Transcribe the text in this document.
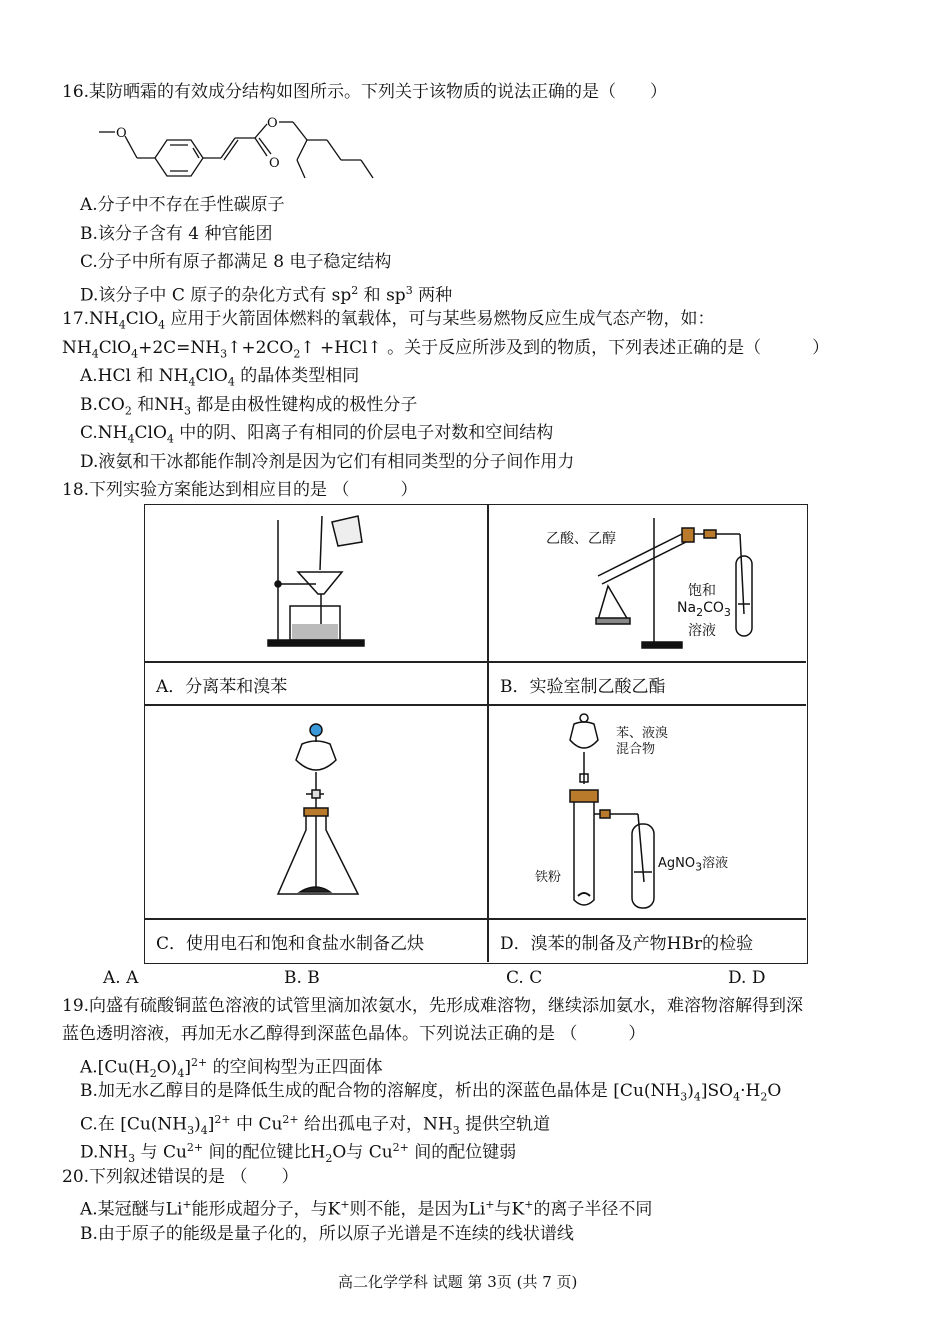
16.某防晒霜的有效成分结构如图所示。下列关于该物质的说法正确的是（　　）
O
O
O
A.分子中不存在手性碳原子
B.该分子含有 4 种官能团
C.分子中所有原子都满足 8 电子稳定结构
D.该分子中 C 原子的杂化方式有 $sp^2$ 和 $sp^3$ 两种
$17.NH_4ClO_4$ 应用于火箭固体燃料的氧载体，可与某些易燃物反应生成气态产物，如：
$NH_4ClO_4+2C=NH_3↑+2CO_2↑$ +HCl↑ 。关于反应所涉及到的物质，下列表述正确的是（　　　）
A.HCl 和 $NH_4ClO_4$ 的晶体类型相同
$B.CO_2$ 和$NH_3$ 都是由极性键构成的极性分子
$C.NH_4ClO_4$ 中的阴、阳离子有相同的价层电子对数和空间结构
D.液氨和干冰都能作制冷剂是因为它们有相同类型的分子间作用力
18.下列实验方案能达到相应目的是 （　　　）
乙酸、乙醇
饱和
$Na_2CO_3$
溶液
苯、液溴
混合物
铁粉
AgNO$_3$溶液
A．分离苯和溴苯	B．实验室制乙酸乙酯
C．使用电石和饱和食盐水制备乙炔	D．溴苯的制备及产物HBr的检验
A. A	B. B	C. C	D. D
19.向盛有硫酸铜蓝色溶液的试管里滴加浓氨水，先形成难溶物，继续添加氨水，难溶物溶解得到深
蓝色透明溶液，再加无水乙醇得到深蓝色晶体。下列说法正确的是 （　　　）
$A.[Cu(H_2O)_4]^{2+}$ 的空间构型为正四面体
B.加无水乙醇目的是降低生成的配合物的溶解度，析出的深蓝色晶体是 $[Cu(NH_3)_4]SO_4\cdot H_2O$
C.在 $[Cu(NH_3)_4]^{2+}$ 中 $Cu^{2+}$ 给出孤电子对，$NH_3$ 提供空轨道
$D.NH_3$ 与 $Cu^{2+}$ 间的配位键比$H_2O$与 $Cu^{2+}$ 间的配位键弱
20.下列叙述错误的是 （　　）
A.某冠醚与Li+能形成超分子，与K+则不能，是因为Li+与K+的离子半径不同
B.由于原子的能级是量子化的，所以原子光谱是不连续的线状谱线
高二化学学科 试题 第 3页 (共 7 页)
